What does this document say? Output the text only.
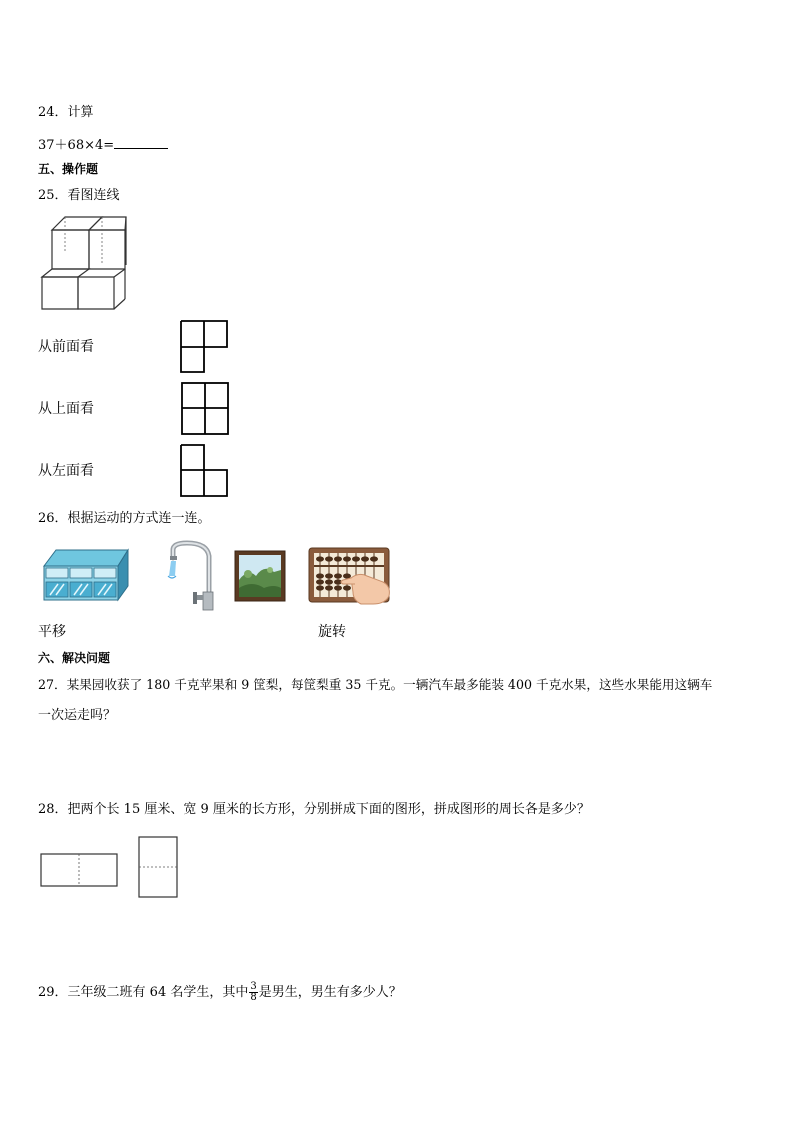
24．计算
37＋68×4=
五、操作题
25．看图连线
从前面看
从上面看
从左面看
26．根据运动的方式连一连。
平移	旋转
六、解决问题
27．某果园收获了 180 千克苹果和 9 筐梨，每筐梨重 35 千克。一辆汽车最多能装 400 千克水果，这些水果能用这辆车
一次运走吗？
28．把两个长 15 厘米、宽 9 厘米的长方形，分别拼成下面的图形，拼成图形的周长各是多少？
29．三年级二班有 64 名学生，其中 $\frac{3}{8}$ 是男生，男生有多少人？
